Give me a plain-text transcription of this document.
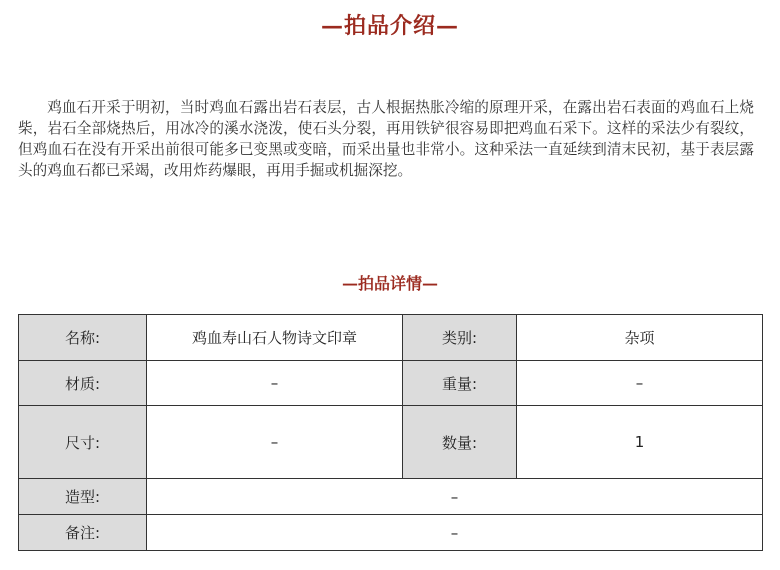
—拍品介绍—

鸡血石开采于明初，当时鸡血石露出岩石表层，古人根据热胀冷缩的原理开采，在露出岩石表面的鸡血石上烧柴，岩石全部烧热后，用冰冷的溪水浇泼，使石头分裂，再用铁铲很容易即把鸡血石采下。这样的采法少有裂纹，但鸡血石在没有开采出前很可能多已变黑或变暗，而采出量也非常小。这种采法一直延续到清末民初，基于表层露头的鸡血石都已采竭，改用炸药爆眼，再用手掘或机掘深挖。

—拍品详情—
名称:	鸡血寿山石人物诗文印章	类别:	杂项
材质:	–	重量:	–
尺寸:	–	数量:	1
造型:	–		
备注:	–		
